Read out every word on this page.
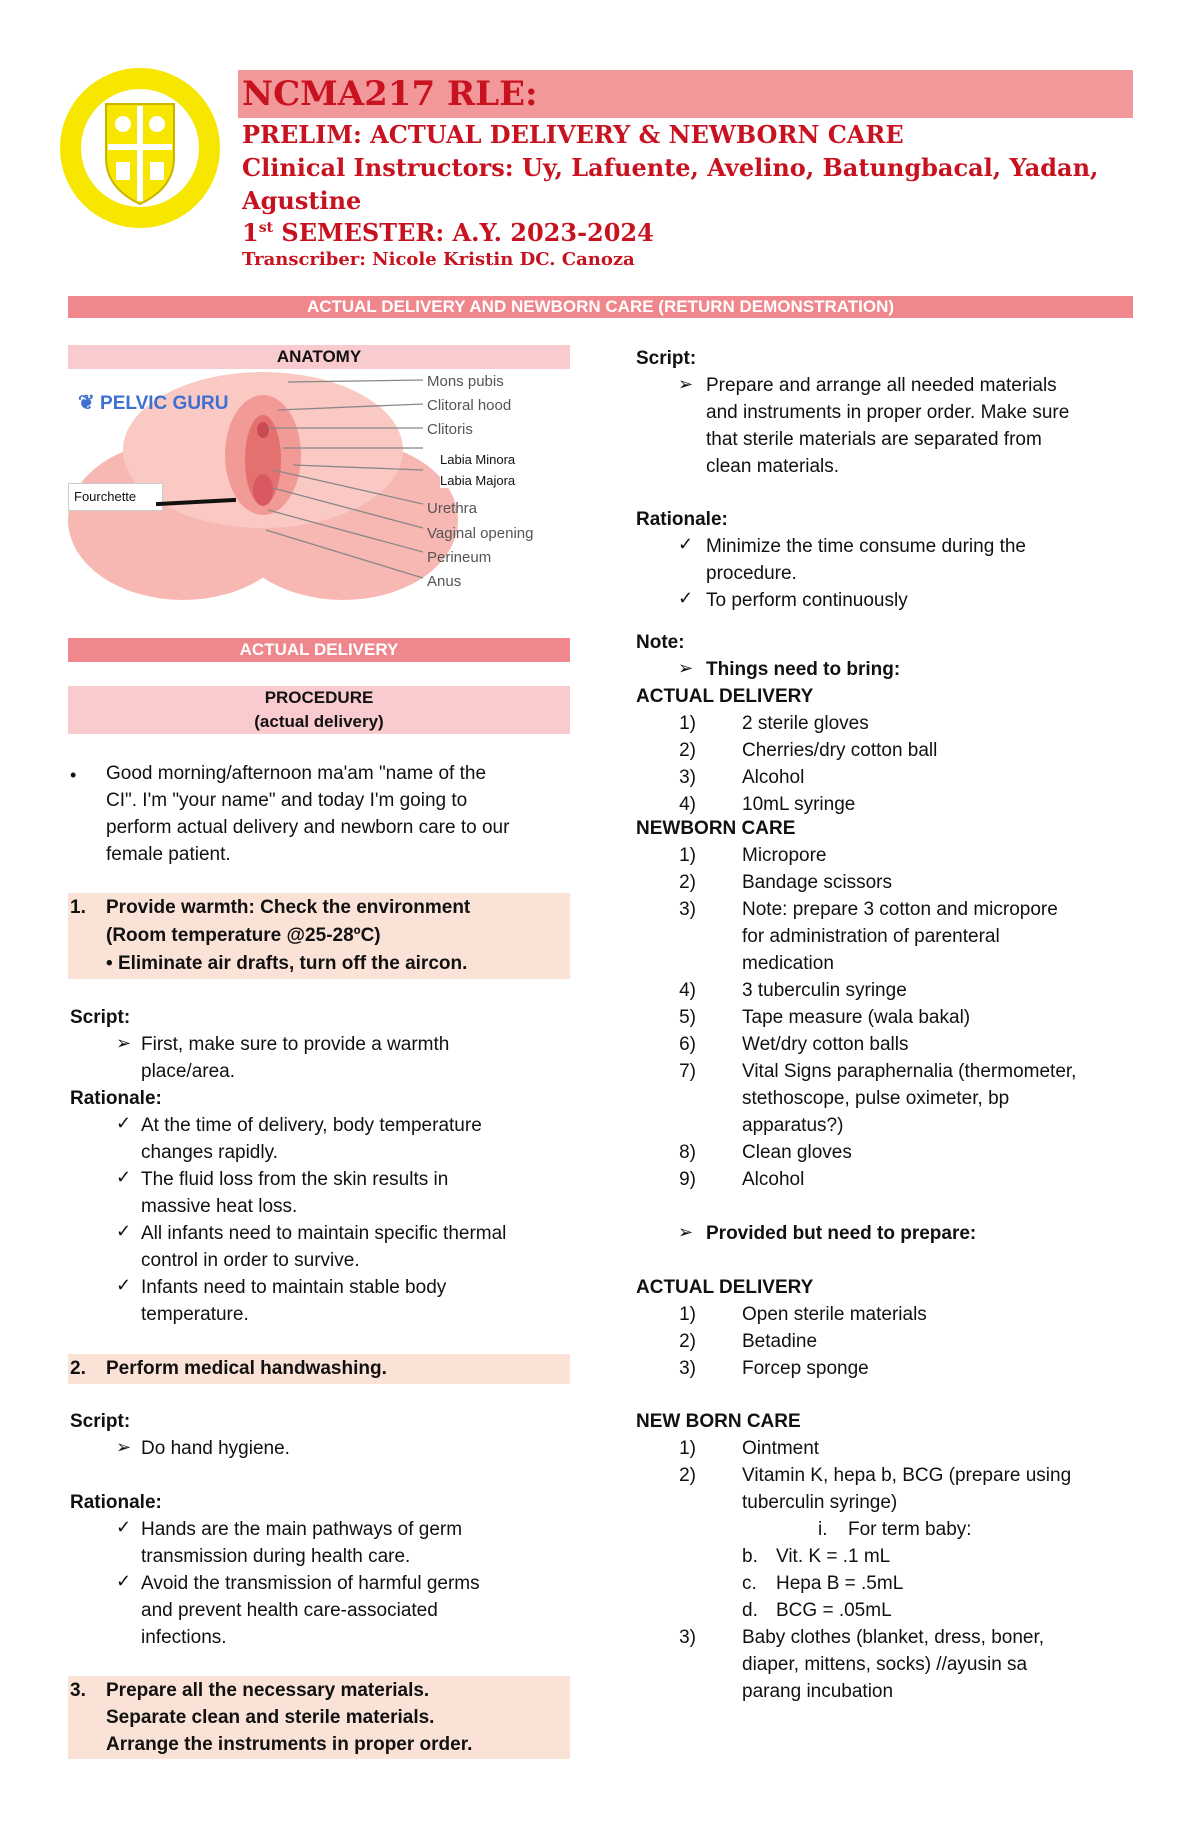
NCMA217 RLE:
PRELIM: ACTUAL DELIVERY & NEWBORN CARE
Clinical Instructors: Uy, Lafuente, Avelino, Batungbacal, Yadan,
Agustine
1st SEMESTER: A.Y. 2023-2024
Transcriber: Nicole Kristin DC. Canoza
ACTUAL DELIVERY AND NEWBORN CARE (RETURN DEMONSTRATION)
ANATOMY
❦ PELVIC GURU
Mons pubis
Clitoral hood
Clitoris
Labia Minora
Labia Majora
Urethra
Vaginal opening
Perineum
Anus
Fourchette
ACTUAL DELIVERY
PROCEDURE
(actual delivery)
• Good morning/afternoon ma'am "name of the
CI". I'm "your name" and today I'm going to
perform actual delivery and newborn care to our
female patient.
1. Provide warmth: Check the environment
(Room temperature @25-28ºC)
• Eliminate air drafts, turn off the aircon.
Script:
➢ First, make sure to provide a warmth
place/area.
Rationale:
✓ At the time of delivery, body temperature
changes rapidly.
✓ The fluid loss from the skin results in
massive heat loss.
✓ All infants need to maintain specific thermal
control in order to survive.
✓ Infants need to maintain stable body
temperature.
2. Perform medical handwashing.
Script:
➢ Do hand hygiene.
Rationale:
✓ Hands are the main pathways of germ
transmission during health care.
✓ Avoid the transmission of harmful germs
and prevent health care-associated
infections.
3. Prepare all the necessary materials.
Separate clean and sterile materials.
Arrange the instruments in proper order.
Script:
➢ Prepare and arrange all needed materials
and instruments in proper order. Make sure
that sterile materials are separated from
clean materials.
Rationale:
✓ Minimize the time consume during the
procedure.
✓ To perform continuously
Note:
➢ Things need to bring:
ACTUAL DELIVERY
1) 2 sterile gloves
2) Cherries/dry cotton ball
3) Alcohol
4) 10mL syringe
NEWBORN CARE
1) Micropore
2) Bandage scissors
3) Note: prepare 3 cotton and micropore
for administration of parenteral
medication
4) 3 tuberculin syringe
5) Tape measure (wala bakal)
6) Wet/dry cotton balls
7) Vital Signs paraphernalia (thermometer,
stethoscope, pulse oximeter, bp
apparatus?)
8) Clean gloves
9) Alcohol
➢ Provided but need to prepare:
ACTUAL DELIVERY
1) Open sterile materials
2) Betadine
3) Forcep sponge
NEW BORN CARE
1) Ointment
2) Vitamin K, hepa b, BCG (prepare using
tuberculin syringe)
i. For term baby:
b. Vit. K = .1 mL
c.	Hepa B = .5mL
d. BCG = .05mL
3) Baby clothes (blanket, dress, boner,
diaper, mittens, socks) //ayusin sa
parang incubation
